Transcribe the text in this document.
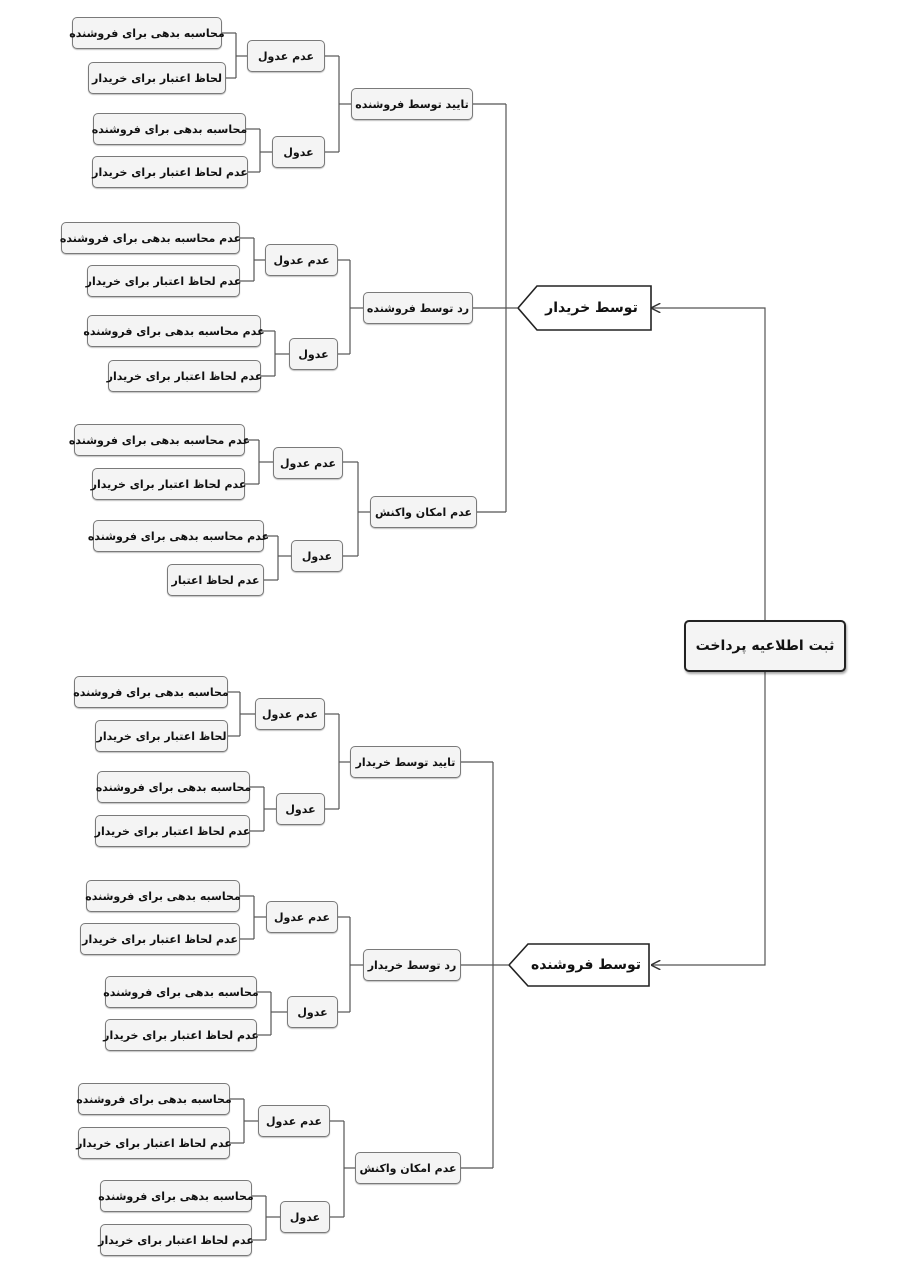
ثبت اطلاعیه پرداخت
توسط خریدار
توسط فروشنده
تایید توسط فروشنده
عدم عدول
محاسبه بدهی برای فروشنده
لحاظ اعتبار برای خریدار
عدول
محاسبه بدهی برای فروشنده
عدم لحاظ اعتبار برای خریدار
رد توسط فروشنده
عدم عدول
عدم محاسبه بدهی برای فروشنده
عدم لحاظ اعتبار برای خریدار
عدول
عدم محاسبه بدهی برای فروشنده
عدم لحاظ اعتبار برای خریدار
عدم امکان واکنش
عدم عدول
عدم محاسبه بدهی برای فروشنده
عدم لحاظ اعتبار برای خریدار
عدول
عدم محاسبه بدهی برای فروشنده
عدم لحاظ اعتبار
تایید توسط خریدار
عدم عدول
محاسبه بدهی برای فروشنده
لحاظ اعتبار برای خریدار
عدول
محاسبه بدهی برای فروشنده
عدم لحاظ اعتبار برای خریدار
رد توسط خریدار
عدم عدول
محاسبه بدهی برای فروشنده
عدم لحاظ اعتبار برای خریدار
عدول
محاسبه بدهی برای فروشنده
عدم لحاظ اعتبار برای خریدار
عدم امکان واکنش
عدم عدول
محاسبه بدهی برای فروشنده
عدم لحاظ اعتبار برای خریدار
عدول
محاسبه بدهی برای فروشنده
عدم لحاظ اعتبار برای خریدار
